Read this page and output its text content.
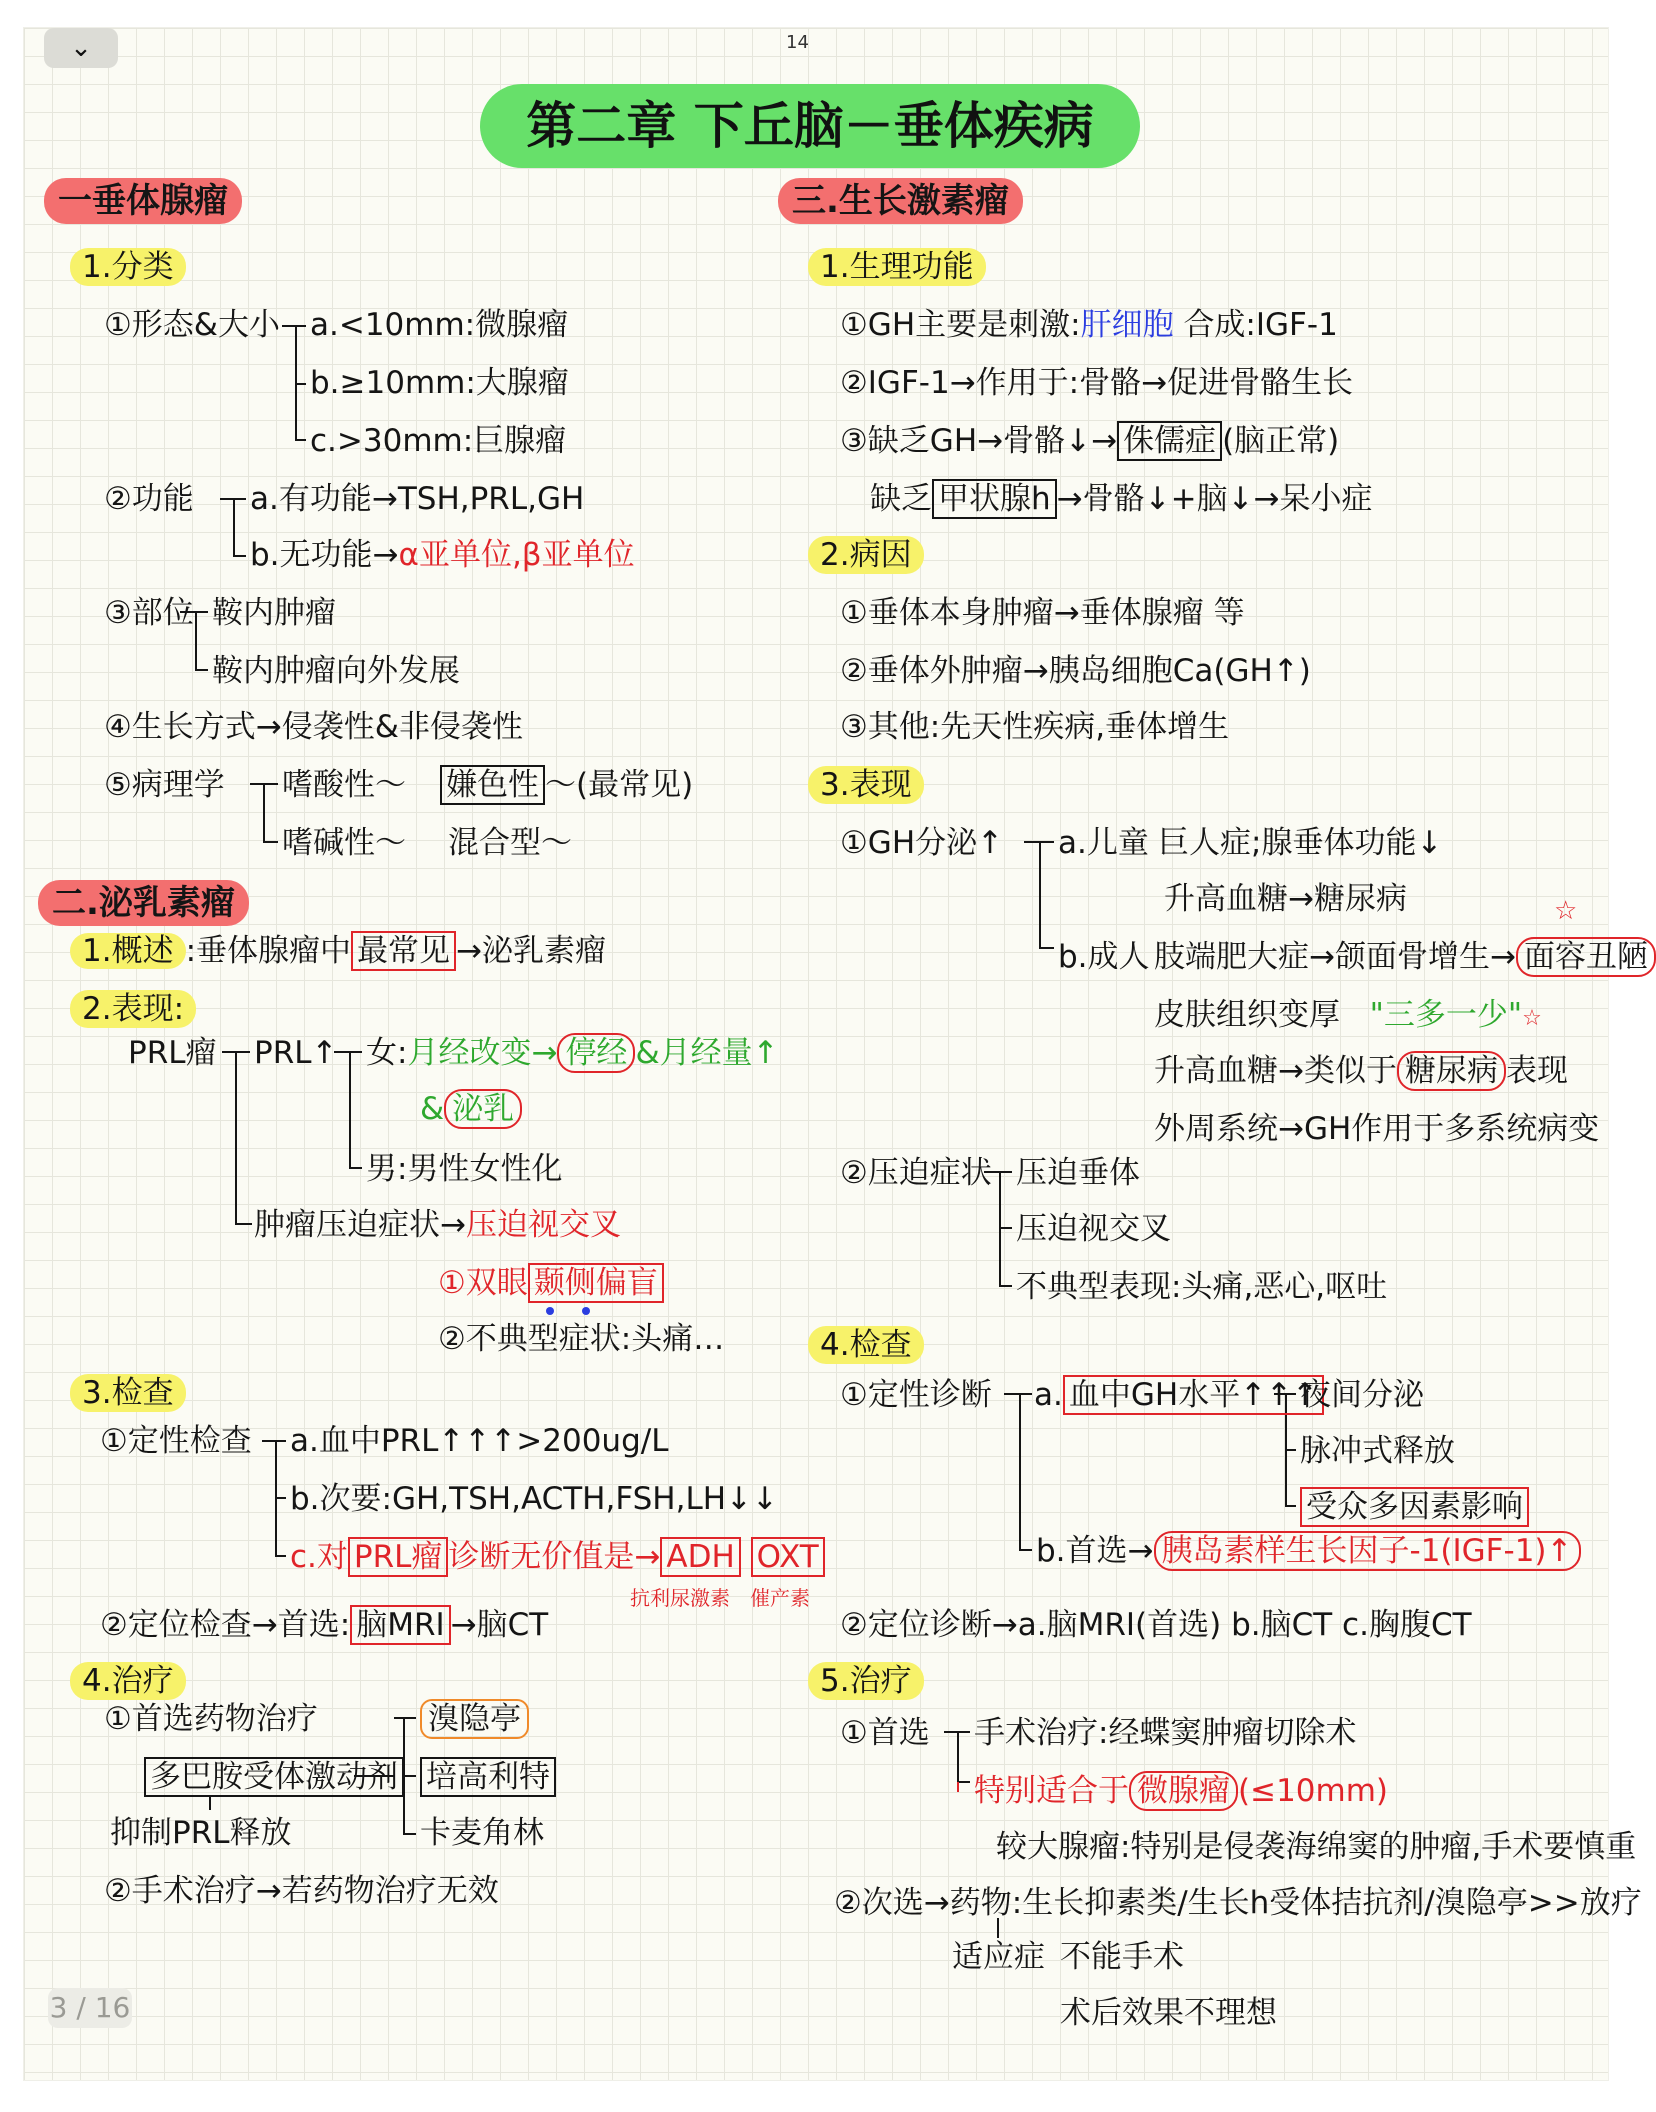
⌄	14
第二章 下丘脑－垂体疾病
一垂体腺瘤
1.分类
①形态&大小 a.<10mm:微腺瘤
b.≥10mm:大腺瘤
c.>30mm:巨腺瘤
②功能 a.有功能→TSH,PRL,GH
b.无功能→α亚单位,β亚单位
③部位 鞍内肿瘤
鞍内肿瘤向外发展
④生长方式→侵袭性&非侵袭性
⑤病理学 嗜酸性～ 嫌色性 ～(最常见)
嗜碱性～ 混合型～
二.泌乳素瘤
1.概述 :垂体腺瘤中 最常见 →泌乳素瘤
2.表现:
PRL瘤 PRL↑ 女:月经改变→ 停经 &月经量↑
& 泌乳
男:男性女性化
肿瘤压迫症状→压迫视交叉
①双眼 颞侧偏盲
②不典型症状:头痛…
3.检查
①定性检查 a.血中PRL↑↑↑>200ug/L
b.次要:GH,TSH,ACTH,FSH,LH↓↓
c.对 PRL瘤 诊断无价值是→ ADH OXT
抗利尿激素 催产素
②定位检查→首选: 脑MRI →脑CT
4.治疗
①首选药物治疗
多巴胺受体激动剂
抑制PRL释放
溴隐亭
培高利特
卡麦角林
②手术治疗→若药物治疗无效
三.生长激素瘤
1.生理功能
①GH主要是刺激:肝细胞 合成:IGF-1
②IGF-1→作用于:骨骼→促进骨骼生长
③缺乏GH→骨骼↓→ 侏儒症 (脑正常)
缺乏 甲状腺h →骨骼↓+脑↓→呆小症
2.病因
①垂体本身肿瘤→垂体腺瘤 等
②垂体外肿瘤→胰岛细胞Ca(GH↑)
③其他:先天性疾病,垂体增生
3.表现
①GH分泌↑ a.儿童 巨人症;腺垂体功能↓
升高血糖→糖尿病
b.成人 肢端肥大症→颌面骨增生→ 面容丑陋
☆
皮肤组织变厚 "三多一少"☆
升高血糖→类似于 糖尿病 表现
外周系统→GH作用于多系统病变
②压迫症状 压迫垂体
压迫视交叉
不典型表现:头痛,恶心,呕吐
4.检查
①定性诊断 a. 血中GH水平↑↑↑
夜间分泌
脉冲式释放
受众多因素影响
b.首选→ 胰岛素样生长因子-1(IGF-1)↑
②定位诊断→a.脑MRI(首选) b.脑CT c.胸腹CT
5.治疗
①首选 手术治疗:经蝶窦肿瘤切除术
特别适合于 微腺瘤 (≤10mm)
较大腺瘤:特别是侵袭海绵窦的肿瘤,手术要慎重
②次选→药物:生长抑素类/生长h受体拮抗剂/溴隐亭>>放疗
适应症 不能手术
术后效果不理想
3 / 16
